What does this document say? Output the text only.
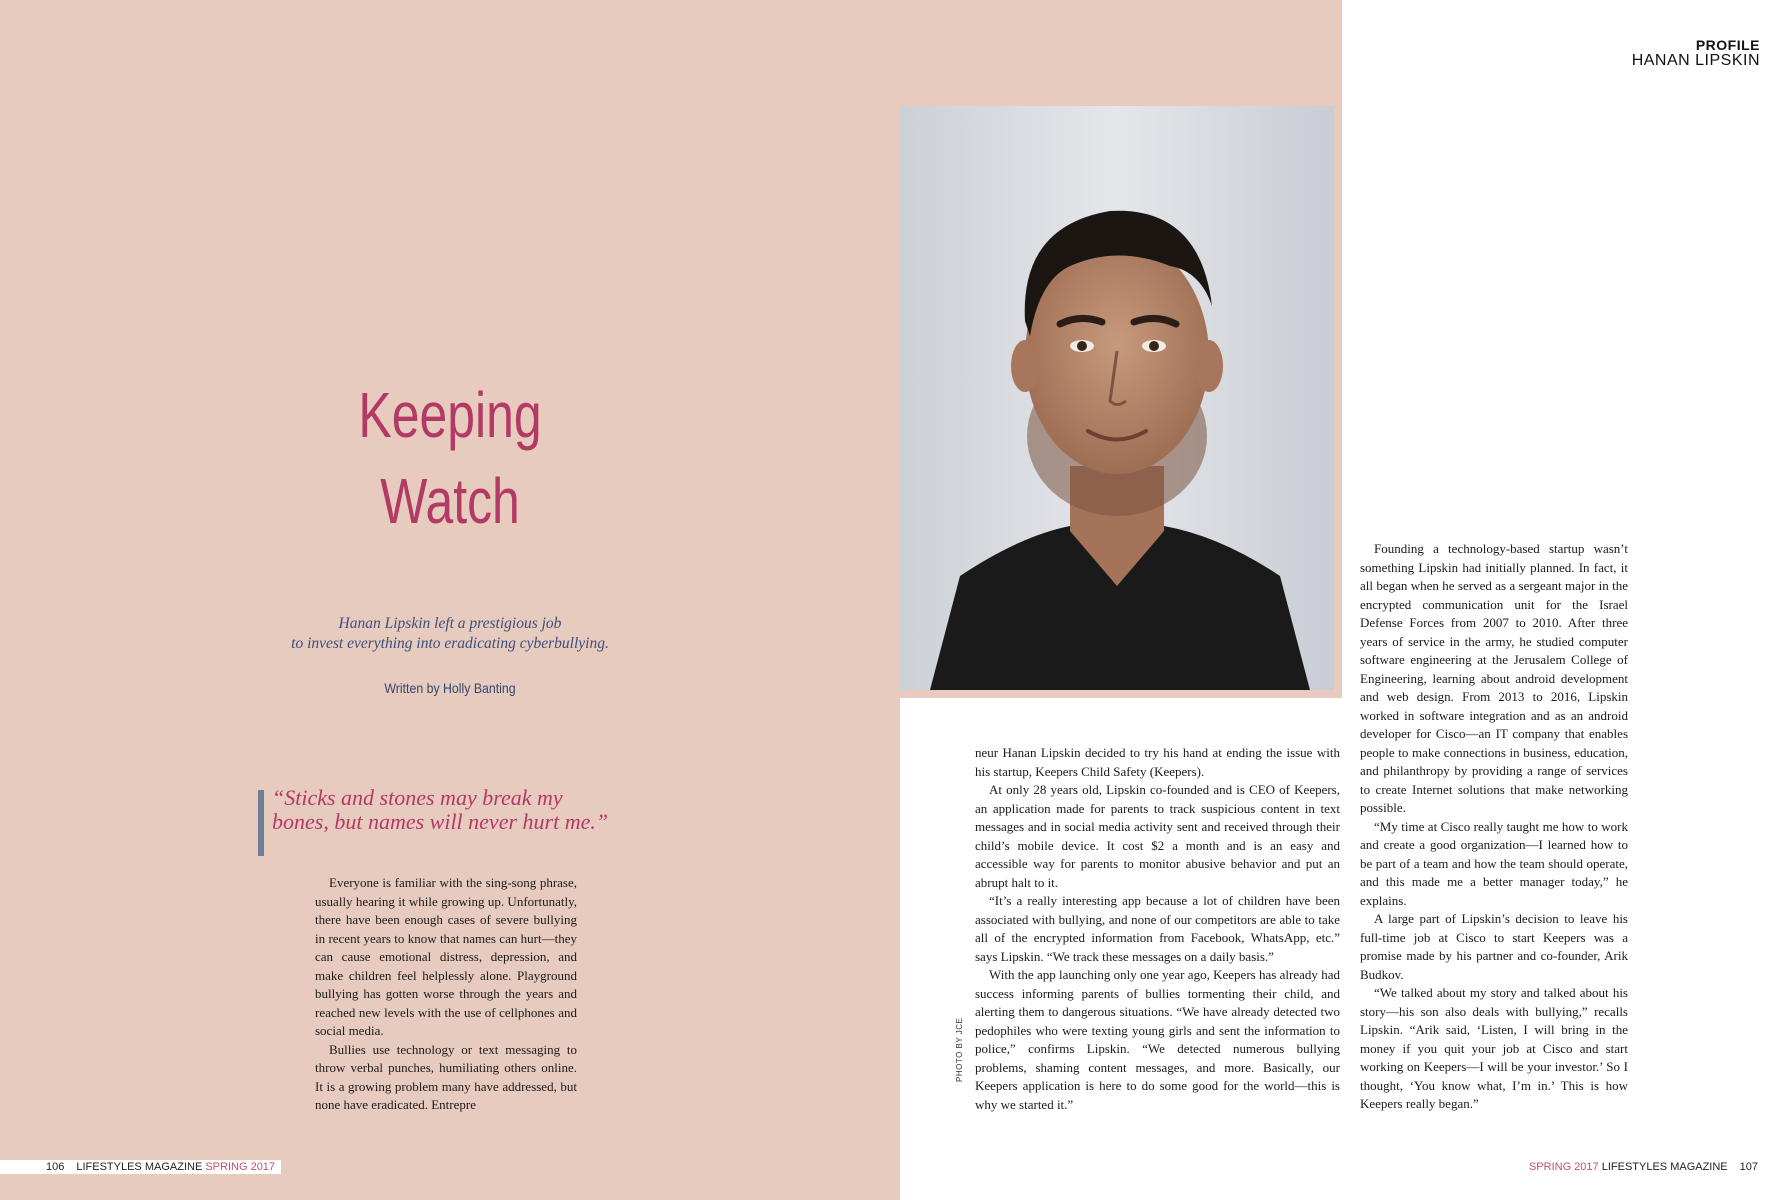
PROFILE
HANAN LIPSKIN
Keeping
Watch
Hanan Lipskin left a prestigious job
to invest everything into eradicating cyberbullying.
Written by Holly Banting
“Sticks and stones may break my bones, but names will never hurt me.”

Everyone is familiar with the sing-song phrase, usually hearing it while growing up. Unfortunatly, there have been enough cases of severe bullying in recent years to know that names can hurt—they can cause emotional distress, depression, and make children feel helplessly alone. Playground bullying has gotten worse through the years and reached new levels with the use of cellphones and social media.

Bullies use technology or text messaging to throw verbal punches, humiliating others online. It is a growing problem many have addressed, but none have eradicated. Entrepre

neur Hanan Lipskin decided to try his hand at ending the issue with his startup, Keepers Child Safety (Keepers).

At only 28 years old, Lipskin co-founded and is CEO of Keepers, an application made for parents to track suspicious content in text messages and in social media activity sent and received through their child’s mobile device. It cost $2 a month and is an easy and accessible way for parents to monitor abusive behavior and put an abrupt halt to it.

“It’s a really interesting app because a lot of children have been associated with bullying, and none of our competitors are able to take all of the encrypted information from Facebook, WhatsApp, etc.” says Lipskin. “We track these messages on a daily basis.”

With the app launching only one year ago, Keepers has already had success informing parents of bullies tormenting their child, and alerting them to dangerous situations. “We have already detected two pedophiles who were texting young girls and sent the information to police,” confirms Lipskin. “We detected numerous bullying problems, shaming content messages, and more. Basically, our Keepers application is here to do some good for the world—this is why we started it.”

Founding a technology-based startup wasn’t something Lipskin had initially planned. In fact, it all began when he served as a sergeant major in the encrypted communication unit for the Israel Defense Forces from 2007 to 2010. After three years of service in the army, he studied computer software engineering at the Jerusalem College of Engineering, learning about android development and web design. From 2013 to 2016, Lipskin worked in software integration and as an android developer for Cisco—an IT company that enables people to make connections in business, education, and philanthropy by providing a range of services to create Internet solutions that make networking possible.

“My time at Cisco really taught me how to work and create a good organization—I learned how to be part of a team and how the team should operate, and this made me a better manager today,” he explains.

A large part of Lipskin’s decision to leave his full-time job at Cisco to start Keepers was a promise made by his partner and co-founder, Arik Budkov.

“We talked about my story and talked about his story—his son also deals with bullying,” recalls Lipskin. “Arik said, ‘Listen, I will bring in the money if you quit your job at Cisco and start working on Keepers—I will be your investor.’ So I thought, ‘You know what, I’m in.’ This is how Keepers really began.”

PHOTO BY JCE
106 LIFESTYLES MAGAZINE SPRING 2017	SPRING 2017 LIFESTYLES MAGAZINE 107
